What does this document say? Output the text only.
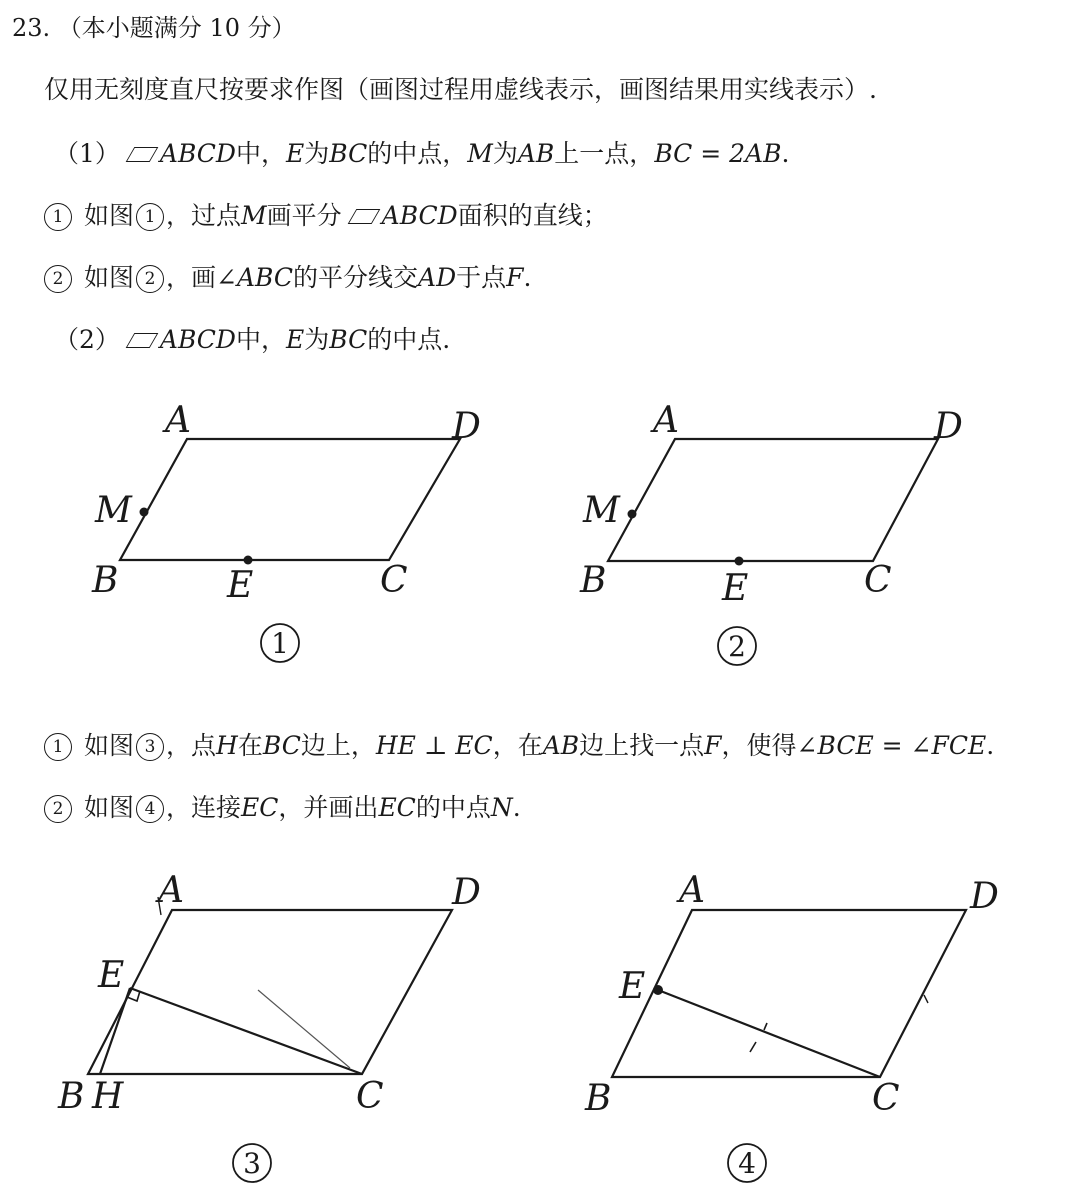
23. （本小题满分 10 分）
仅用无刻度直尺按要求作图（画图过程用虚线表示，画图结果用实线表示）.
（1） ABCD中，E为BC的中点，M为AB上一点，BC = 2AB.
1 如图 1 ，过点M画平分 ABCD面积的直线；
2 如图 2 ，画∠ABC的平分线交AD于点F.
（2） ABCD中，E为BC的中点.
1 如图 3 ，点H在BC边上，HE ⊥ EC，在AB边上找一点F，使得∠BCE = ∠FCE.
2 如图 4 ，连接EC，并画出EC的中点N.
A	D
M
B	E	C
1
A	D
M
B	E	C
2
A	D
E
B H	C
3
A	D
E
B	C
4
